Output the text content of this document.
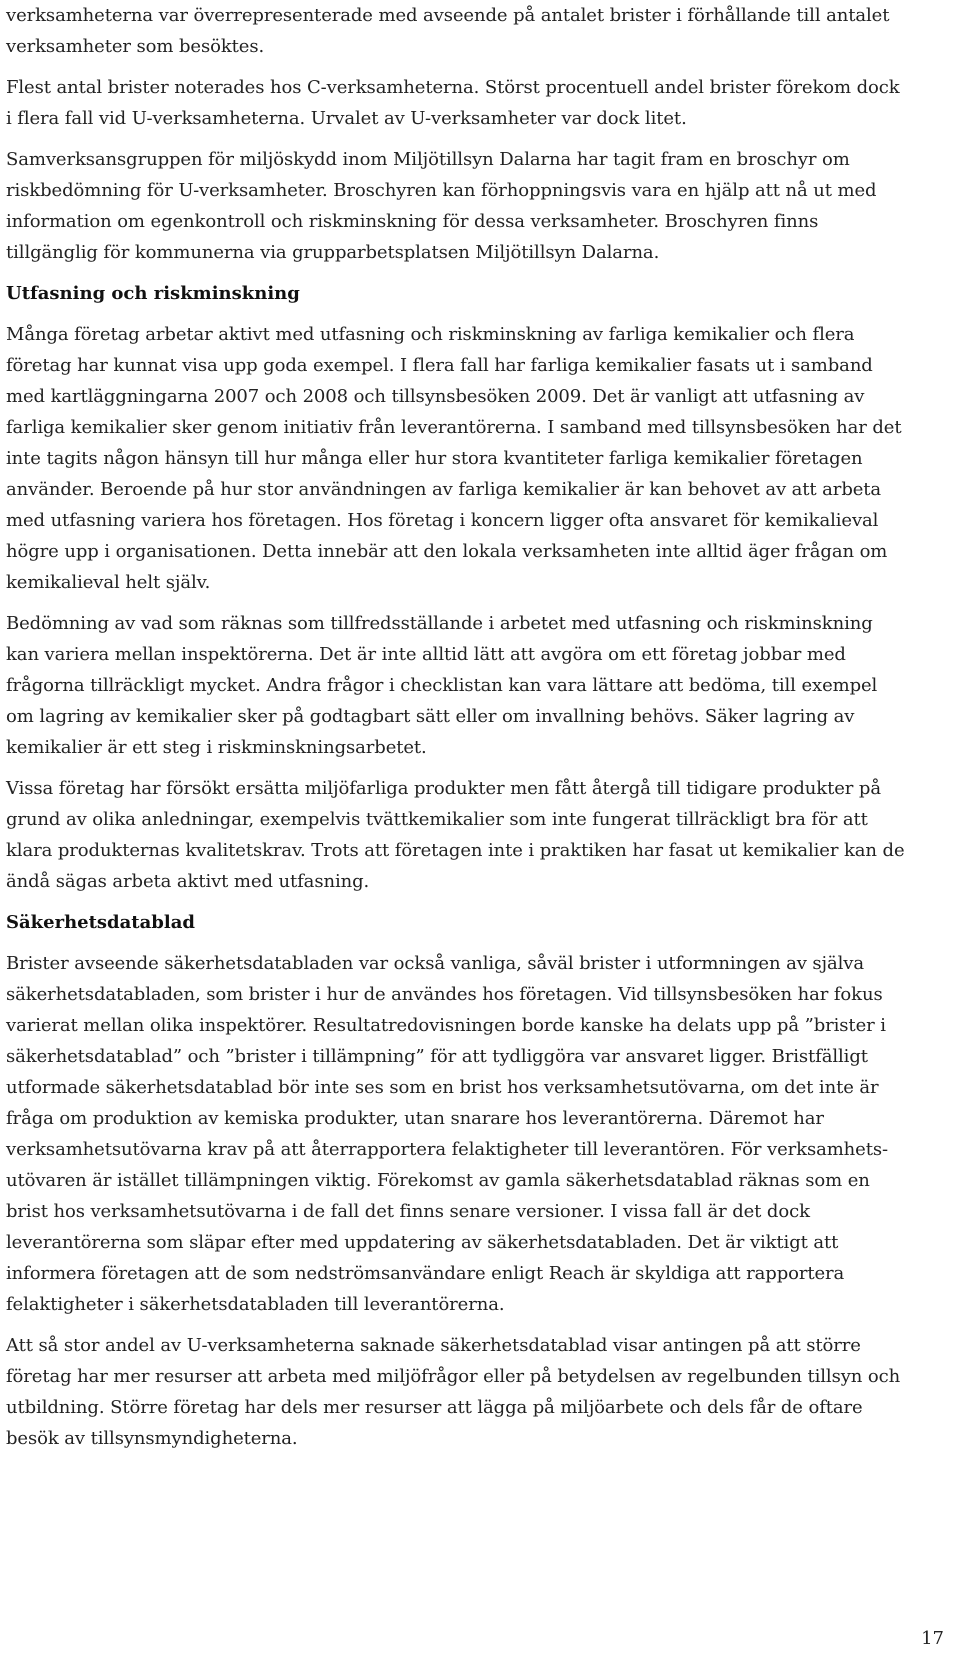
verksamheterna var överrepresenterade med avseende på antalet brister i förhållande till antalet
verksamheter som besöktes.

Flest antal brister noterades hos C-verksamheterna. Störst procentuell andel brister förekom dock
i flera fall vid U-verksamheterna. Urvalet av U-verksamheter var dock litet.

Samverksansgruppen för miljöskydd inom Miljötillsyn Dalarna har tagit fram en broschyr om
riskbedömning för U-verksamheter. Broschyren kan förhoppningsvis vara en hjälp att nå ut med
information om egenkontroll och riskminskning för dessa verksamheter. Broschyren finns
tillgänglig för kommunerna via grupparbetsplatsen Miljötillsyn Dalarna.

Utfasning och riskminskning

Många företag arbetar aktivt med utfasning och riskminskning av farliga kemikalier och flera
företag har kunnat visa upp goda exempel. I flera fall har farliga kemikalier fasats ut i samband
med kartläggningarna 2007 och 2008 och tillsynsbesöken 2009. Det är vanligt att utfasning av
farliga kemikalier sker genom initiativ från leverantörerna. I samband med tillsynsbesöken har det
inte tagits någon hänsyn till hur många eller hur stora kvantiteter farliga kemikalier företagen
använder. Beroende på hur stor användningen av farliga kemikalier är kan behovet av att arbeta
med utfasning variera hos företagen. Hos företag i koncern ligger ofta ansvaret för kemikalieval
högre upp i organisationen. Detta innebär att den lokala verksamheten inte alltid äger frågan om
kemikalieval helt själv.

Bedömning av vad som räknas som tillfredsställande i arbetet med utfasning och riskminskning
kan variera mellan inspektörerna. Det är inte alltid lätt att avgöra om ett företag jobbar med
frågorna tillräckligt mycket. Andra frågor i checklistan kan vara lättare att bedöma, till exempel
om lagring av kemikalier sker på godtagbart sätt eller om invallning behövs. Säker lagring av
kemikalier är ett steg i riskminskningsarbetet.

Vissa företag har försökt ersätta miljöfarliga produkter men fått återgå till tidigare produkter på
grund av olika anledningar, exempelvis tvättkemikalier som inte fungerat tillräckligt bra för att
klara produkternas kvalitetskrav. Trots att företagen inte i praktiken har fasat ut kemikalier kan de
ändå sägas arbeta aktivt med utfasning.

Säkerhetsdatablad

Brister avseende säkerhetsdatabladen var också vanliga, såväl brister i utformningen av själva
säkerhetsdatabladen, som brister i hur de användes hos företagen. Vid tillsynsbesöken har fokus
varierat mellan olika inspektörer. Resultatredovisningen borde kanske ha delats upp på ”brister i
säkerhetsdatablad” och ”brister i tillämpning” för att tydliggöra var ansvaret ligger. Bristfälligt
utformade säkerhetsdatablad bör inte ses som en brist hos verksamhetsutövarna, om det inte är
fråga om produktion av kemiska produkter, utan snarare hos leverantörerna. Däremot har
verksamhetsutövarna krav på att återrapportera felaktigheter till leverantören. För verksamhets-
utövaren är istället tillämpningen viktig. Förekomst av gamla säkerhetsdatablad räknas som en
brist hos verksamhetsutövarna i de fall det finns senare versioner. I vissa fall är det dock
leverantörerna som släpar efter med uppdatering av säkerhetsdatabladen. Det är viktigt att
informera företagen att de som nedströmsanvändare enligt Reach är skyldiga att rapportera
felaktigheter i säkerhetsdatabladen till leverantörerna.

Att så stor andel av U-verksamheterna saknade säkerhetsdatablad visar antingen på att större
företag har mer resurser att arbeta med miljöfrågor eller på betydelsen av regelbunden tillsyn och
utbildning. Större företag har dels mer resurser att lägga på miljöarbete och dels får de oftare
besök av tillsynsmyndigheterna.

17
